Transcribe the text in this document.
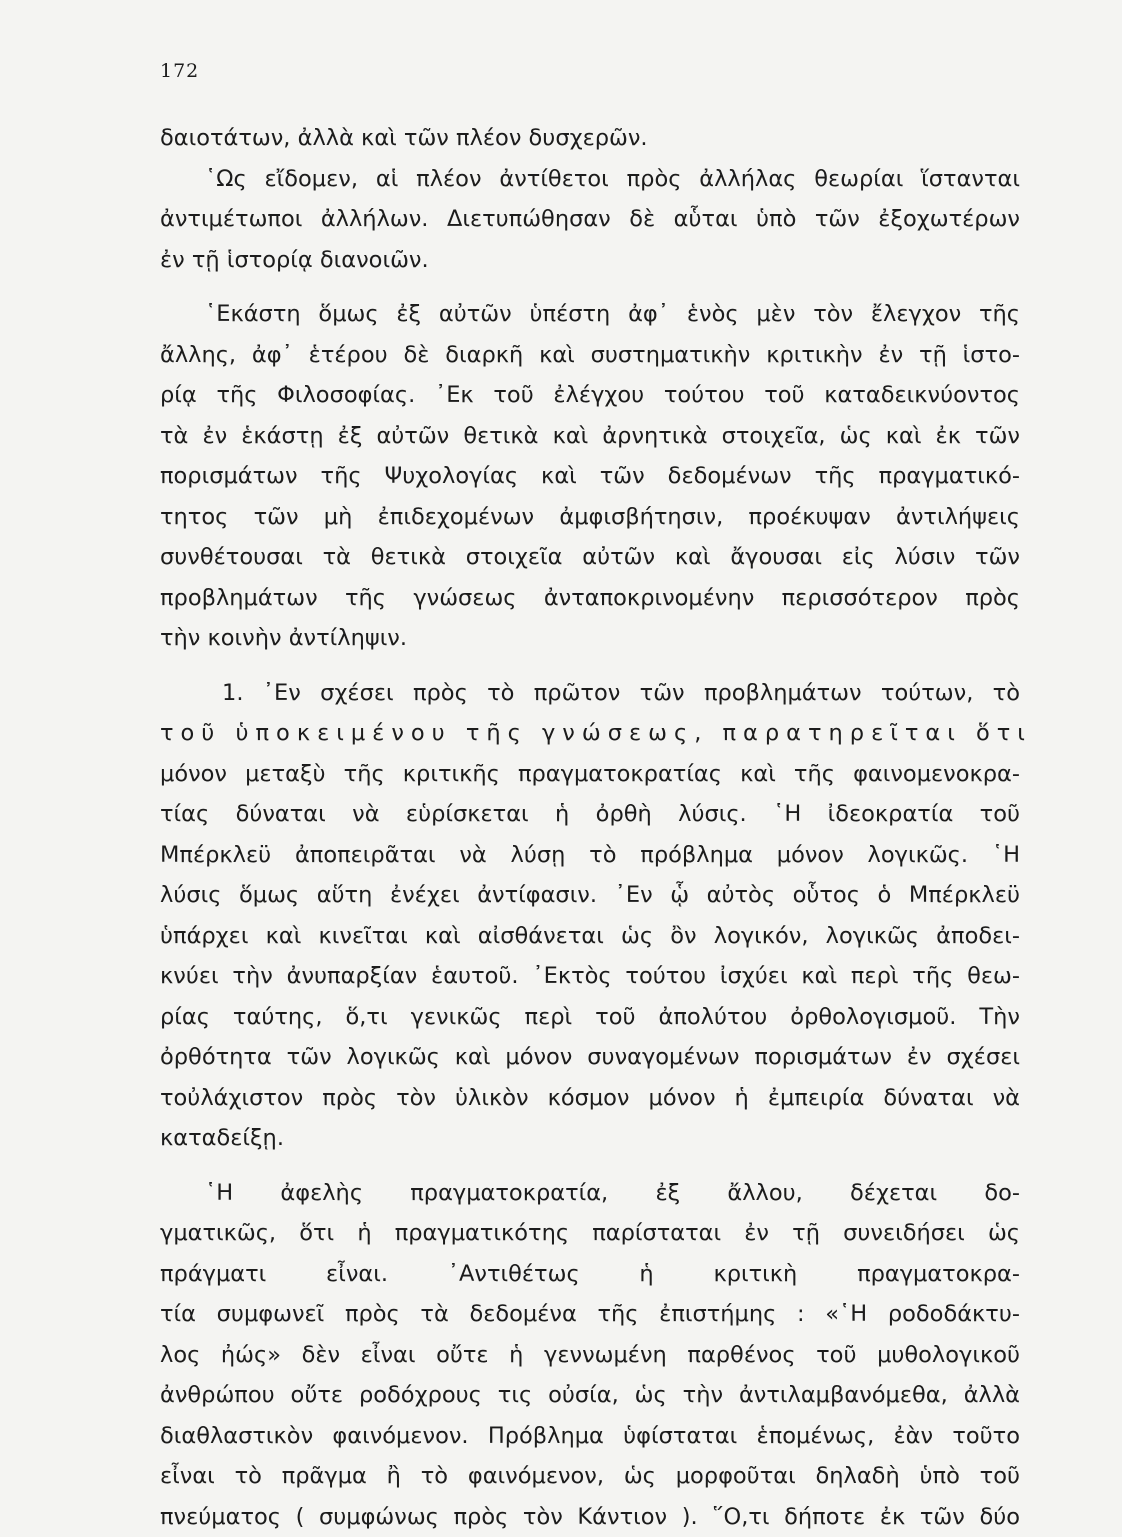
172
δαιοτάτων, ἀλλὰ καὶ τῶν πλέον δυσχερῶν.
῾Ως εἴδομεν, αἱ πλέον ἀντίθετοι πρὸς ἀλλήλας θεωρίαι ἵστανται
ἀντιμέτωποι ἀλλήλων. Διετυπώθησαν δὲ αὗται ὑπὸ τῶν ἐξοχωτέρων
ἐν τῇ ἱστορίᾳ διανοιῶν.
῾Εκάστη ὅμως ἐξ αὐτῶν ὑπέστη ἀφ᾿ ἑνὸς μὲν τὸν ἔλεγχον τῆς
ἄλλης, ἀφ᾿ ἑτέρου δὲ διαρκῆ καὶ συστηματικὴν κριτικὴν ἐν τῇ ἱστο-
ρίᾳ τῆς Φιλοσοφίας. ᾿Εκ τοῦ ἐλέγχου τούτου τοῦ καταδεικνύοντος
τὰ ἐν ἑκάστῃ ἐξ αὐτῶν θετικὰ καὶ ἀρνητικὰ στοιχεῖα, ὡς καὶ ἐκ τῶν
πορισμάτων τῆς Ψυχολογίας καὶ τῶν δεδομένων τῆς πραγματικό-
τητος τῶν μὴ ἐπιδεχομένων ἀμφισβήτησιν, προέκυψαν ἀντιλήψεις
συνθέτουσαι τὰ θετικὰ στοιχεῖα αὐτῶν καὶ ἄγουσαι εἰς λύσιν τῶν
προβλημάτων τῆς γνώσεως ἀνταποκρινομένην περισσότερον πρὸς
τὴν κοινὴν ἀντίληψιν.
1. ᾿Εν σχέσει πρὸς τὸ πρῶτον τῶν προβλημάτων τούτων, τὸ
τοῦ ὑποκειμένου τῆς γνώσεως, παρατηρεῖται ὅτι
μόνον μεταξὺ τῆς κριτικῆς πραγματοκρατίας καὶ τῆς φαινομενοκρα-
τίας δύναται νὰ εὑρίσκεται ἡ ὀρθὴ λύσις. ῾Η ἰδεοκρατία τοῦ
Μπέρκλεϋ ἀποπειρᾶται νὰ λύσῃ τὸ πρόβλημα μόνον λογικῶς. ῾Η
λύσις ὅμως αὕτη ἐνέχει ἀντίφασιν. ᾿Εν ᾧ αὐτὸς οὗτος ὁ Μπέρκλεϋ
ὑπάρχει καὶ κινεῖται καὶ αἰσθάνεται ὡς ὂν λογικόν, λογικῶς ἀποδει-
κνύει τὴν ἀνυπαρξίαν ἑαυτοῦ. ᾿Εκτὸς τούτου ἰσχύει καὶ περὶ τῆς θεω-
ρίας ταύτης, ὅ,τι γενικῶς περὶ τοῦ ἀπολύτου ὀρθολογισμοῦ. Τὴν
ὀρθότητα τῶν λογικῶς καὶ μόνον συναγομένων πορισμάτων ἐν σχέσει
τοὐλάχιστον πρὸς τὸν ὑλικὸν κόσμον μόνον ἡ ἐμπειρία δύναται νὰ
καταδείξῃ.
῾Η ἀφελὴς πραγματοκρατία, ἐξ ἄλλου, δέχεται δο-
γματικῶς, ὅτι ἡ πραγματικότης παρίσταται ἐν τῇ συνειδήσει ὡς
πράγματι εἶναι. ᾿Αντιθέτως ἡ κριτικὴ πραγματοκρα-
τία συμφωνεῖ πρὸς τὰ δεδομένα τῆς ἐπιστήμης : «῾Η ροδοδάκτυ-
λος ἠώς» δὲν εἶναι οὔτε ἡ γεννωμένη παρθένος τοῦ μυθολογικοῦ
ἀνθρώπου οὔτε ροδόχρους τις οὐσία, ὡς τὴν ἀντιλαμβανόμεθα, ἀλλὰ
διαθλαστικὸν φαινόμενον. Πρόβλημα ὑφίσταται ἑπομένως, ἐὰν τοῦτο
εἶναι τὸ πρᾶγμα ἢ τὸ φαινόμενον, ὡς μορφοῦται δηλαδὴ ὑπὸ τοῦ
πνεύματος ( συμφώνως πρὸς τὸν Κάντιον ). ῞Ο,τι δήποτε ἐκ τῶν δύο
